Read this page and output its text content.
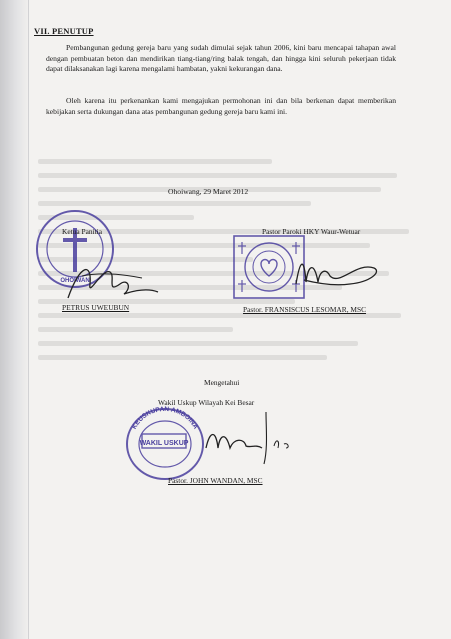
VII. PENUTUP
Pembangunan gedung gereja baru yang sudah dimulai sejak tahun 2006, kini baru mencapai tahapan awal dengan pembuatan beton dan mendirikan tiang-tiang/ring balak tengah, dan hingga kini seluruh pekerjaan tidak dapat dilaksanakan lagi karena mengalami hambatan, yakni kekurangan dana.
Oleh karena itu perkenankan kami mengajukan permohonan ini dan bila berkenan dapat memberikan kebijakan serta dukungan dana atas pembangunan gedung gereja baru kami ini.
Ohoiwang, 29 Maret 2012
OHOIWAN
Ketua Panitia
PETRUS UWEUBUN
Pastor Paroki HKY Waur-Wetuar
Pastor. FRANSISCUS LESOMAR, MSC
Mengetahui
Wakil Uskup Wilayah Kei Besar
KEUSKUPAN AMBOINA
WAKIL USKUP
Pastor. JOHN WANDAN, MSC
